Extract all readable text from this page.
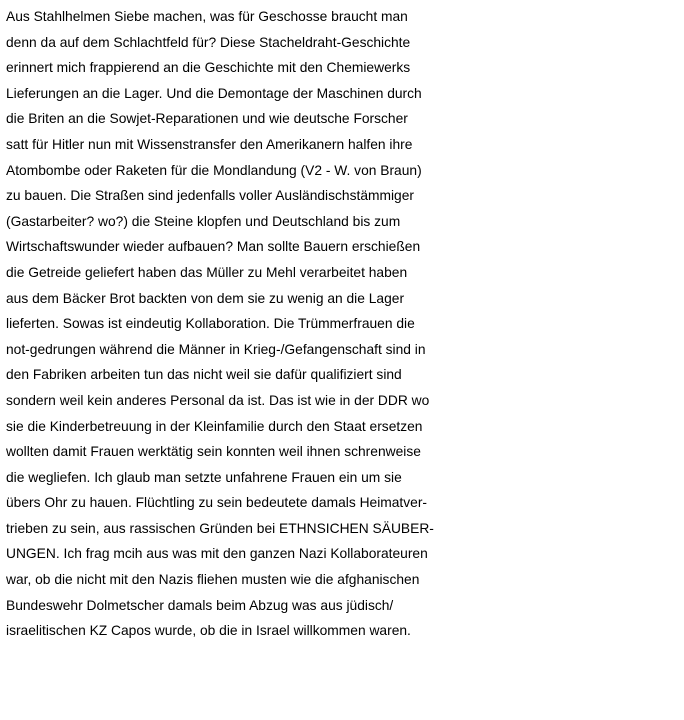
Aus Stahlhelmen Siebe machen, was für Geschosse braucht man
denn da auf dem Schlachtfeld für? Diese Stacheldraht-Geschichte
erinnert mich frappierend an die Geschichte mit den Chemiewerks
Lieferungen an die Lager. Und die Demontage der Maschinen durch
die Briten an die Sowjet-Reparationen und wie deutsche Forscher
satt für Hitler nun mit Wissenstransfer den Amerikanern halfen ihre
Atombombe oder Raketen für die Mondlandung (V2 - W. von Braun)
zu bauen. Die Straßen sind jedenfalls voller Ausländischstämmiger
(Gastarbeiter? wo?) die Steine klopfen und Deutschland bis zum
Wirtschaftswunder wieder aufbauen? Man sollte Bauern erschießen
die Getreide geliefert haben das Müller zu Mehl verarbeitet haben
aus dem Bäcker Brot backten von dem sie zu wenig an die Lager
lieferten. Sowas ist eindeutig Kollaboration. Die Trümmerfrauen die
not-gedrungen während die Männer in Krieg-/Gefangenschaft sind in
den Fabriken arbeiten tun das nicht weil sie dafür qualifiziert sind
sondern weil kein anderes Personal da ist. Das ist wie in der DDR wo
sie die Kinderbetreuung in der Kleinfamilie durch den Staat ersetzen
wollten damit Frauen werktätig sein konnten weil ihnen schrenweise
die wegliefen. Ich glaub man setzte unfahrene Frauen ein um sie
übers Ohr zu hauen. Flüchtling zu sein bedeutete damals Heimatver-
trieben zu sein, aus rassischen Gründen bei ETHNSICHEN SÄUBER-
UNGEN. Ich frag mcih aus was mit den ganzen Nazi Kollaborateuren
war, ob die nicht mit den Nazis fliehen musten wie die afghanischen
Bundeswehr Dolmetscher damals beim Abzug was aus jüdisch/
israelitischen KZ Capos wurde, ob die in Israel willkommen waren.
